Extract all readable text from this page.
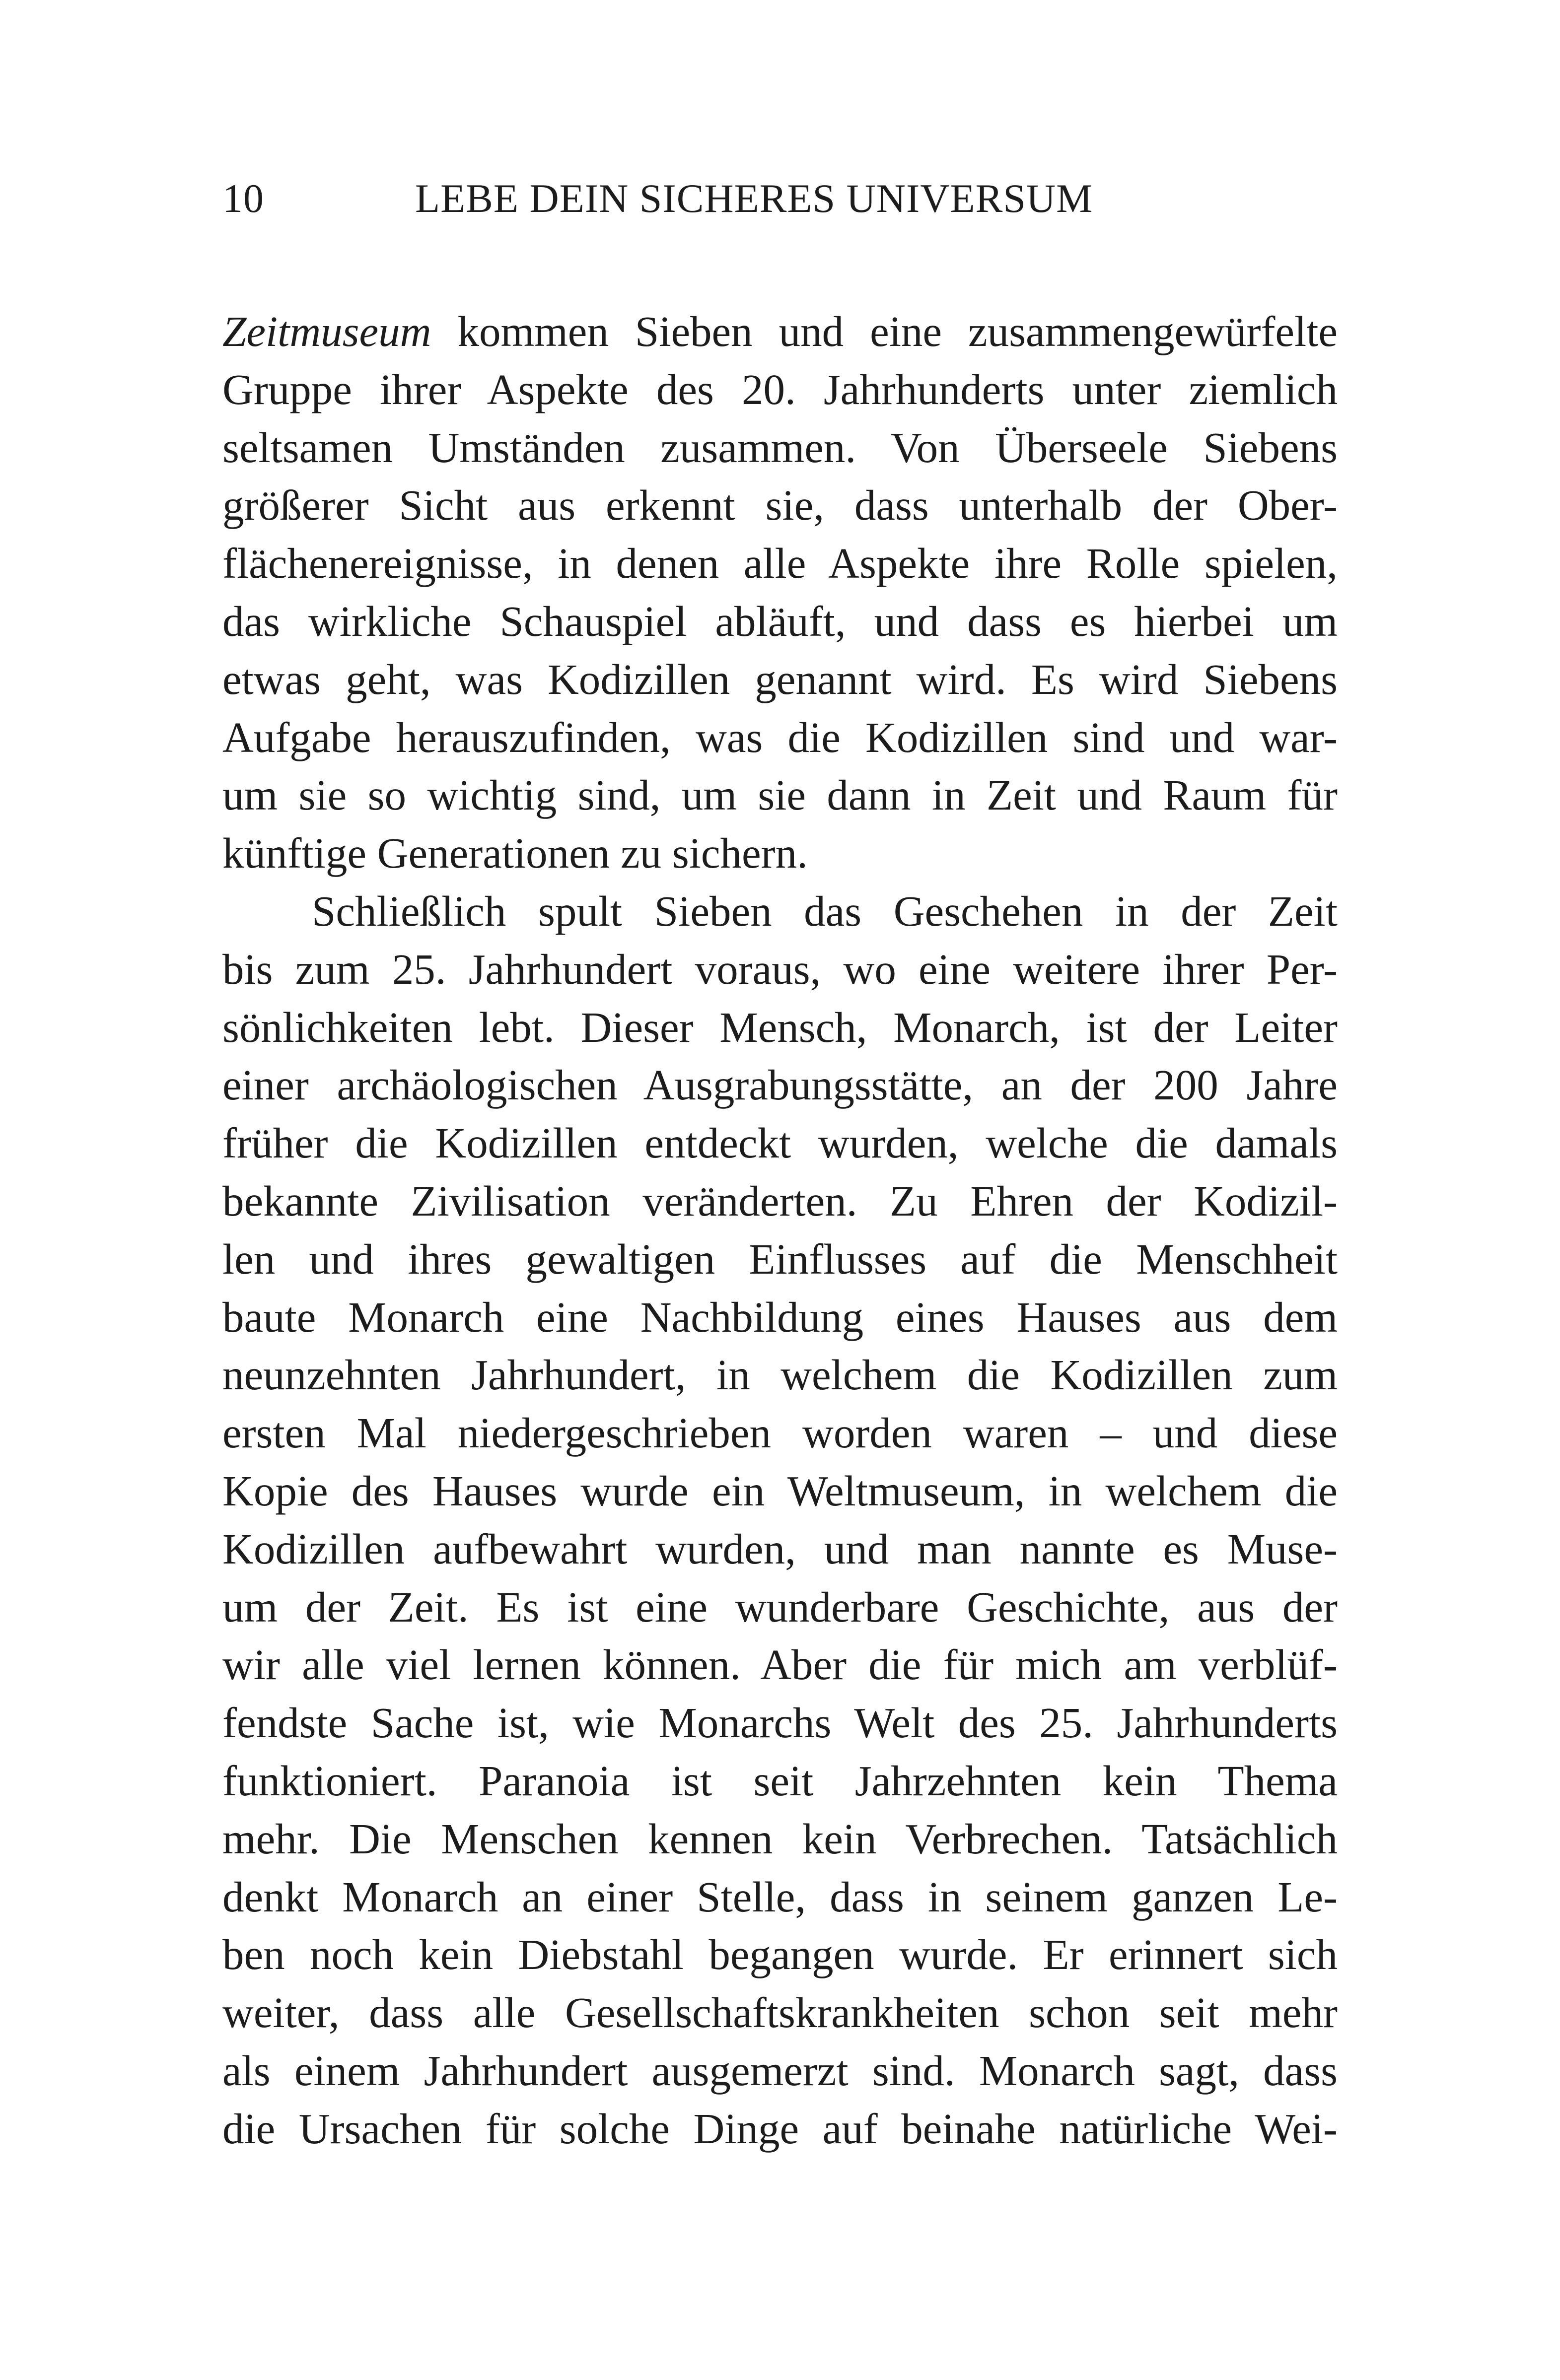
10	LEBE DEIN SICHERES UNIVERSUM
Zeitmuseum kommen Sieben und eine zusammengewürfelte
Gruppe ihrer Aspekte des 20. Jahrhunderts unter ziemlich
seltsamen Umständen zusammen. Von Überseele Siebens
größerer Sicht aus erkennt sie, dass unterhalb der Ober-
flächenereignisse, in denen alle Aspekte ihre Rolle spielen,
das wirkliche Schauspiel abläuft, und dass es hierbei um
etwas geht, was Kodizillen genannt wird. Es wird Siebens
Aufgabe herauszufinden, was die Kodizillen sind und war-
um sie so wichtig sind, um sie dann in Zeit und Raum für
künftige Generationen zu sichern.
Schließlich spult Sieben das Geschehen in der Zeit
bis zum 25. Jahrhundert voraus, wo eine weitere ihrer Per-
sönlichkeiten lebt. Dieser Mensch, Monarch, ist der Leiter
einer archäologischen Ausgrabungsstätte, an der 200 Jahre
früher die Kodizillen entdeckt wurden, welche die damals
bekannte Zivilisation veränderten. Zu Ehren der Kodizil-
len und ihres gewaltigen Einflusses auf die Menschheit
baute Monarch eine Nachbildung eines Hauses aus dem
neunzehnten Jahrhundert, in welchem die Kodizillen zum
ersten Mal niedergeschrieben worden waren – und diese
Kopie des Hauses wurde ein Weltmuseum, in welchem die
Kodizillen aufbewahrt wurden, und man nannte es Muse-
um der Zeit. Es ist eine wunderbare Geschichte, aus der
wir alle viel lernen können. Aber die für mich am verblüf-
fendste Sache ist, wie Monarchs Welt des 25. Jahrhunderts
funktioniert. Paranoia ist seit Jahrzehnten kein Thema
mehr. Die Menschen kennen kein Verbrechen. Tatsächlich
denkt Monarch an einer Stelle, dass in seinem ganzen Le-
ben noch kein Diebstahl begangen wurde. Er erinnert sich
weiter, dass alle Gesellschaftskrankheiten schon seit mehr
als einem Jahrhundert ausgemerzt sind. Monarch sagt, dass
die Ursachen für solche Dinge auf beinahe natürliche Wei-
